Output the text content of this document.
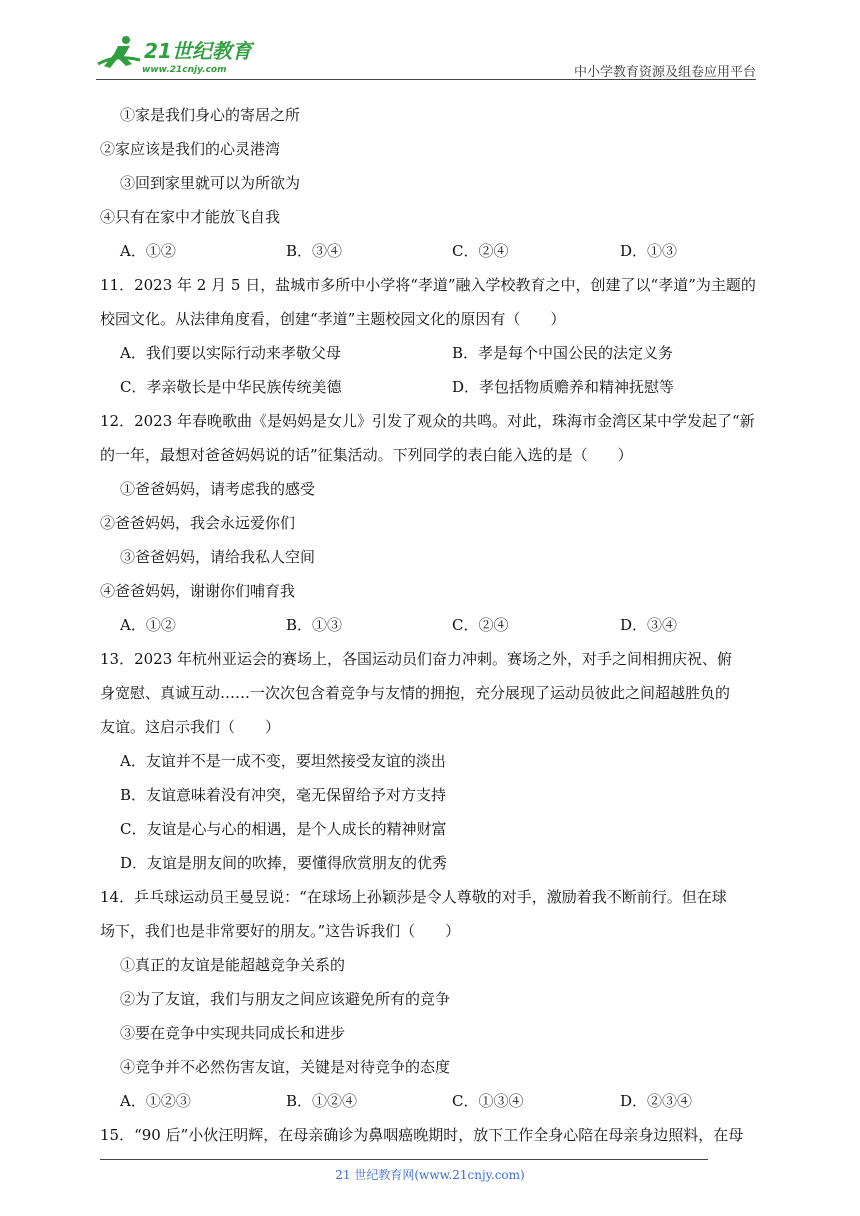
21世纪教育
www.21cnjy.com	中小学教育资源及组卷应用平台
①家是我们身心的寄居之所
②家应该是我们的心灵港湾
③回到家里就可以为所欲为
④只有在家中才能放飞自我
A．①②	B．③④	C．②④	D．①③
11．2023 年 2 月 5 日，盐城市多所中小学将“孝道”融入学校教育之中，创建了以“孝道”为主题的
校园文化。从法律角度看，创建“孝道”主题校园文化的原因有（　　）
A．我们要以实际行动来孝敬父母	B．孝是每个中国公民的法定义务
C．孝亲敬长是中华民族传统美德	D．孝包括物质赡养和精神抚慰等
12．2023 年春晚歌曲《是妈妈是女儿》引发了观众的共鸣。对此，珠海市金湾区某中学发起了“新
的一年，最想对爸爸妈妈说的话”征集活动。下列同学的表白能入选的是（　　）
①爸爸妈妈，请考虑我的感受
②爸爸妈妈，我会永远爱你们
③爸爸妈妈，请给我私人空间
④爸爸妈妈，谢谢你们哺育我
A．①②	B．①③	C．②④	D．③④
13．2023 年杭州亚运会的赛场上，各国运动员们奋力冲刺。赛场之外，对手之间相拥庆祝、俯
身宽慰、真诚互动……一次次包含着竞争与友情的拥抱，充分展现了运动员彼此之间超越胜负的
友谊。这启示我们（　　）
A．友谊并不是一成不变，要坦然接受友谊的淡出
B．友谊意味着没有冲突，毫无保留给予对方支持
C．友谊是心与心的相遇，是个人成长的精神财富
D．友谊是朋友间的吹捧，要懂得欣赏朋友的优秀
14．乒乓球运动员王曼昱说：“在球场上孙颖莎是令人尊敬的对手，激励着我不断前行。但在球
场下，我们也是非常要好的朋友。”这告诉我们（　　）
①真正的友谊是能超越竞争关系的
②为了友谊，我们与朋友之间应该避免所有的竞争
③要在竞争中实现共同成长和进步
④竞争并不必然伤害友谊，关键是对待竞争的态度
A．①②③	B．①②④	C．①③④	D．②③④
15．“90 后”小伙汪明辉，在母亲确诊为鼻咽癌晚期时，放下工作全身心陪在母亲身边照料，在母
21 世纪教育网(www.21cnjy.com)
